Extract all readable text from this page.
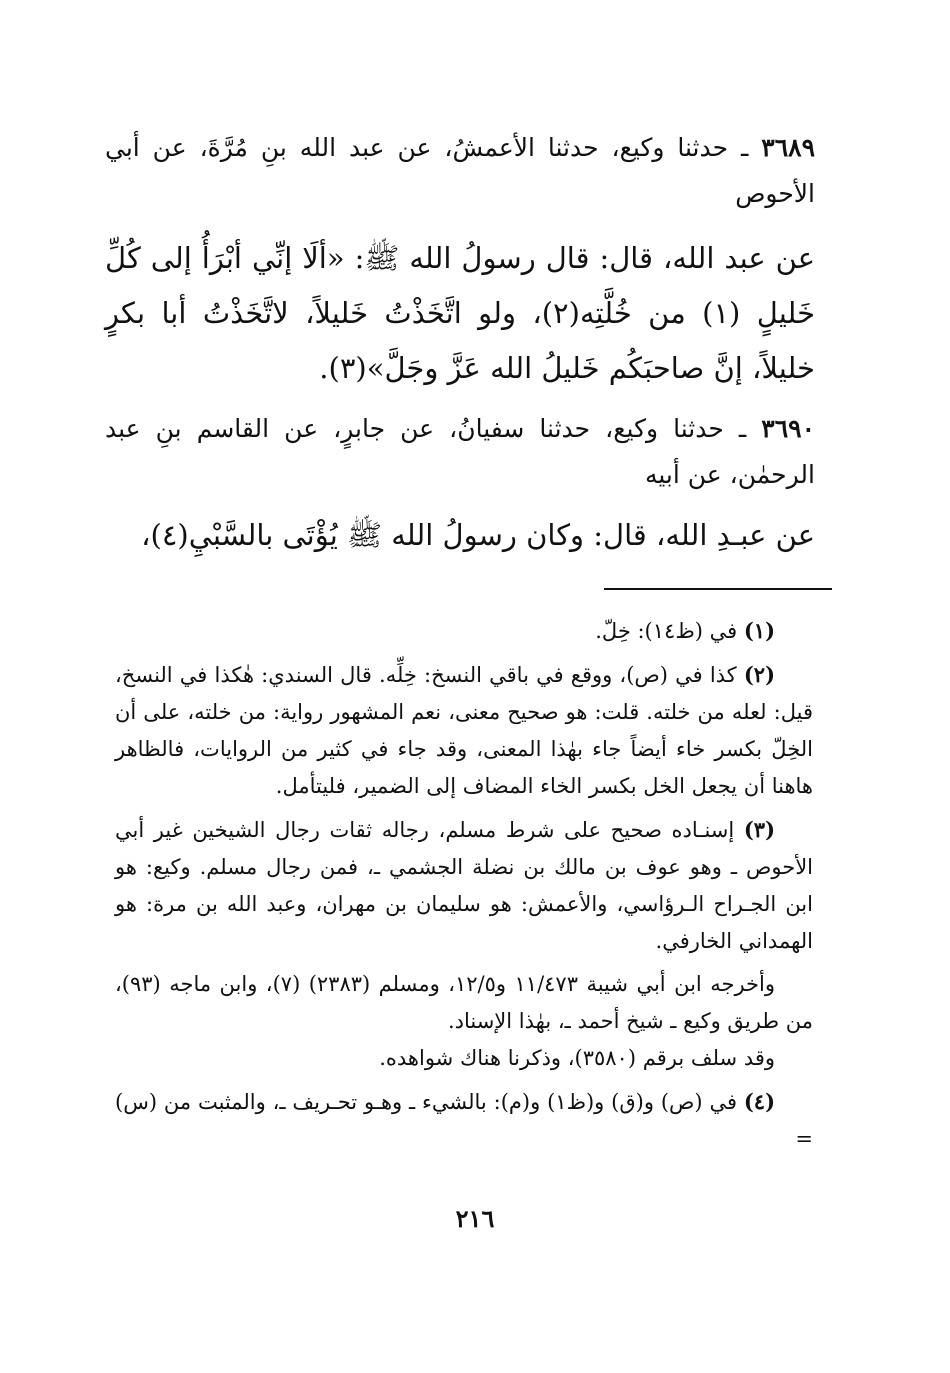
٣٦٨٩ ـ حدثنا وكيع، حدثنا الأعمشُ، عن عبد الله بنِ مُرَّةَ، عن أبي الأحوص

عن عبد الله، قال: قال رسولُ الله ﷺ: «ألَا إنِّي أبْرَأُ إلى كُلِّ خَليلٍ (١) من خُلَّتِه(٢)، ولو اتَّخَذْتُ خَليلاً، لاتَّخَذْتُ أبا بكرٍ خليلاً، إنَّ صاحبَكُم خَليلُ الله عَزَّ وجَلَّ»(٣).

٣٦٩٠ ـ حدثنا وكيع، حدثنا سفيانُ، عن جابرٍ، عن القاسم بنِ عبد الرحمٰن، عن أبيه

عن عبـدِ الله، قال: وكان رسولُ الله ﷺ يُؤْتَى بالسَّبْيِ(٤)،

(١) في (ظ١٤): خِلّ.

(٢) كذا في (ص)، ووقع في باقي النسخ: خِلِّه. قال السندي: هٰكذا في النسخ، قيل: لعله من خلته. قلت: هو صحيح معنى، نعم المشهور رواية: من خلته، على أن الخِلّ بكسر خاء أيضاً جاء بهٰذا المعنى، وقد جاء في كثير من الروايات، فالظاهر هاهنا أن يجعل الخل بكسر الخاء المضاف إلى الضمير، فليتأمل.

(٣) إسنـاده صحيح على شرط مسلم، رجاله ثقات رجال الشيخين غير أبي الأحوص ـ وهو عوف بن مالك بن نضلة الجشمي ـ، فمن رجال مسلم. وكيع: هو ابن الجـراح الـرؤاسي، والأعمش: هو سليمان بن مهران، وعبد الله بن مرة: هو الهمداني الخارفي.

وأخرجه ابن أبي شيبة ١١/٤٧٣ و١٢/٥، ومسلم (٢٣٨٣) (٧)، وابن ماجه (٩٣)، من طريق وكيع ـ شيخ أحمد ـ، بهٰذا الإسناد.

وقد سلف برقم (٣٥٨٠)، وذكرنا هناك شواهده.

(٤) في (ص) و(ق) و(ظ١) و(م): بالشيء ـ وهـو تحـريف ـ، والمثبت من (س) =

٢١٦
